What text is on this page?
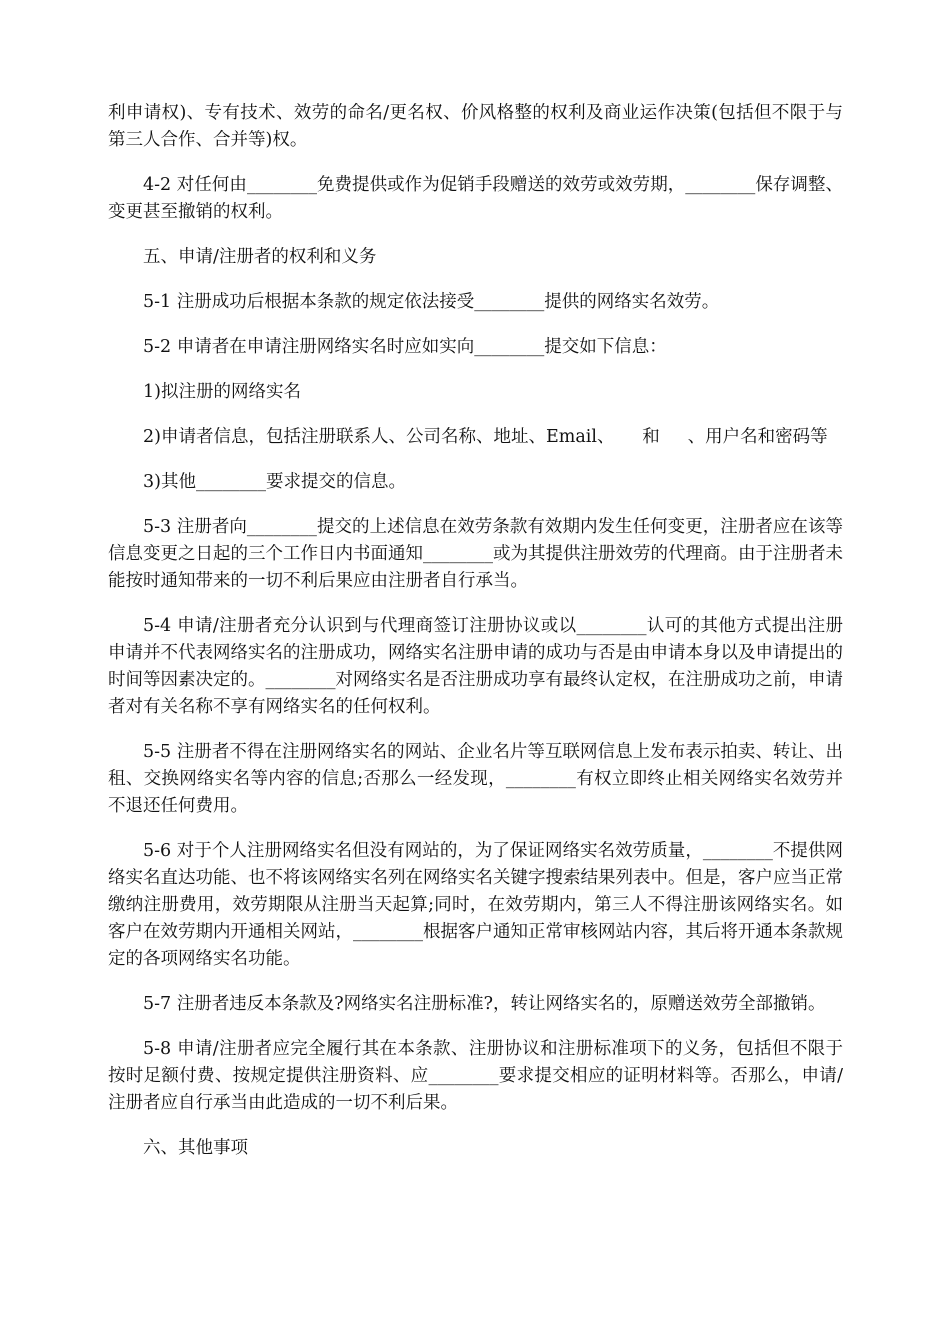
利申请权)、专有技术、效劳的命名/更名权、价风格整的权利及商业运作决策(包括但不限于与第三人合作、合并等)权。

4-2 对任何由________免费提供或作为促销手段赠送的效劳或效劳期，________保存调整、变更甚至撤销的权利。

五、申请/注册者的权利和义务

5-1 注册成功后根据本条款的规定依法接受________提供的网络实名效劳。

5-2 申请者在申请注册网络实名时应如实向________提交如下信息：

1)拟注册的网络实名

2)申请者信息，包括注册联系人、公司名称、地址、Email、     和     、用户名和密码等

3)其他________要求提交的信息。

5-3 注册者向________提交的上述信息在效劳条款有效期内发生任何变更，注册者应在该等信息变更之日起的三个工作日内书面通知________或为其提供注册效劳的代理商。由于注册者未能按时通知带来的一切不利后果应由注册者自行承当。

5-4 申请/注册者充分认识到与代理商签订注册协议或以________认可的其他方式提出注册申请并不代表网络实名的注册成功，网络实名注册申请的成功与否是由申请本身以及申请提出的时间等因素决定的。________对网络实名是否注册成功享有最终认定权，在注册成功之前，申请者对有关名称不享有网络实名的任何权利。

5-5 注册者不得在注册网络实名的网站、企业名片等互联网信息上发布表示拍卖、转让、出租、交换网络实名等内容的信息;否那么一经发现，________有权立即终止相关网络实名效劳并不退还任何费用。

5-6 对于个人注册网络实名但没有网站的，为了保证网络实名效劳质量，________不提供网络实名直达功能、也不将该网络实名列在网络实名关键字搜索结果列表中。但是，客户应当正常缴纳注册费用，效劳期限从注册当天起算;同时，在效劳期内，第三人不得注册该网络实名。如客户在效劳期内开通相关网站，________根据客户通知正常审核网站内容，其后将开通本条款规定的各项网络实名功能。

5-7 注册者违反本条款及?网络实名注册标准?，转让网络实名的，原赠送效劳全部撤销。

5-8 申请/注册者应完全履行其在本条款、注册协议和注册标准项下的义务，包括但不限于按时足额付费、按规定提供注册资料、应________要求提交相应的证明材料等。否那么，申请/注册者应自行承当由此造成的一切不利后果。

六、其他事项
